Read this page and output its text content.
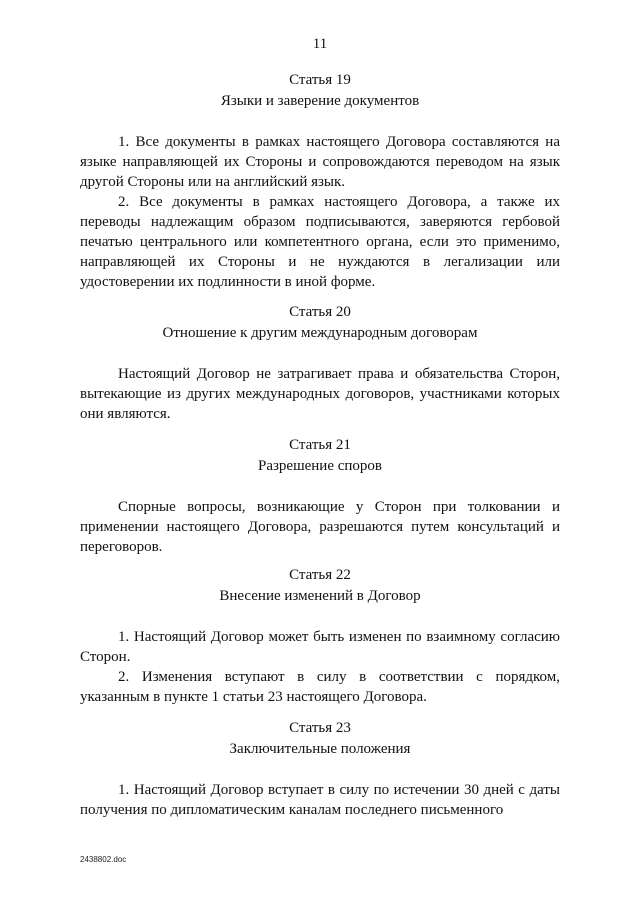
11
Статья 19
Языки и заверение документов

1. Все документы в рамках настоящего Договора составляются на языке направляющей их Стороны и сопровождаются переводом на язык другой Стороны или на английский язык.

2. Все документы в рамках настоящего Договора, а также их переводы надлежащим образом подписываются, заверяются гербовой печатью центрального или компетентного органа, если это применимо, направляющей их Стороны и не нуждаются в легализации или удостоверении их подлинности в иной форме.

Статья 20
Отношение к другим международным договорам

Настоящий Договор не затрагивает права и обязательства Сторон, вытекающие из других международных договоров, участниками которых они являются.

Статья 21
Разрешение споров

Спорные вопросы, возникающие у Сторон при толковании и применении настоящего Договора, разрешаются путем консультаций и переговоров.

Статья 22
Внесение изменений в Договор

1. Настоящий Договор может быть изменен по взаимному согласию Сторон.

2. Изменения вступают в силу в соответствии с порядком, указанным в пункте 1 статьи 23 настоящего Договора.

Статья 23
Заключительные положения

1. Настоящий Договор вступает в силу по истечении 30 дней с даты получения по дипломатическим каналам последнего письменного

2438802.doc
